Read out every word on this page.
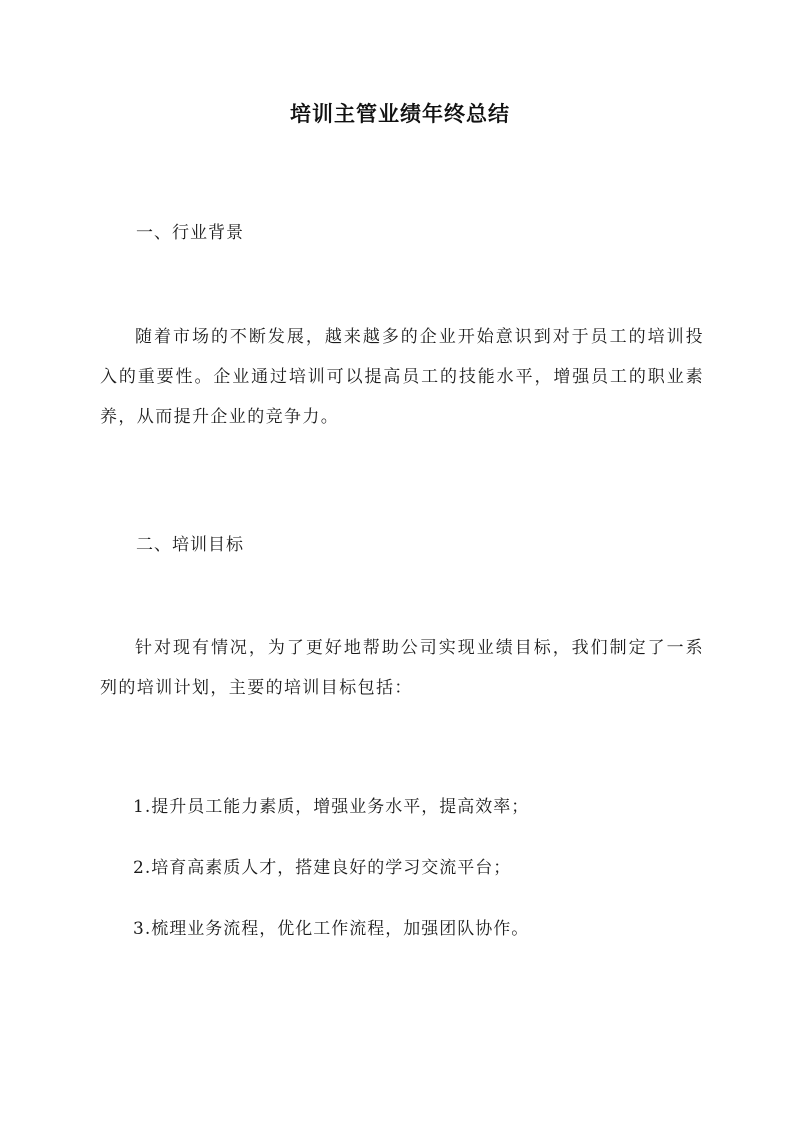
培训主管业绩年终总结
一、行业背景
随着市场的不断发展，越来越多的企业开始意识到对于员工的培训投入的重要性。企业通过培训可以提高员工的技能水平，增强员工的职业素养，从而提升企业的竞争力。
二、培训目标
针对现有情况，为了更好地帮助公司实现业绩目标，我们制定了一系列的培训计划，主要的培训目标包括：
1.提升员工能力素质，增强业务水平，提高效率；
2.培育高素质人才，搭建良好的学习交流平台；
3.梳理业务流程，优化工作流程，加强团队协作。
